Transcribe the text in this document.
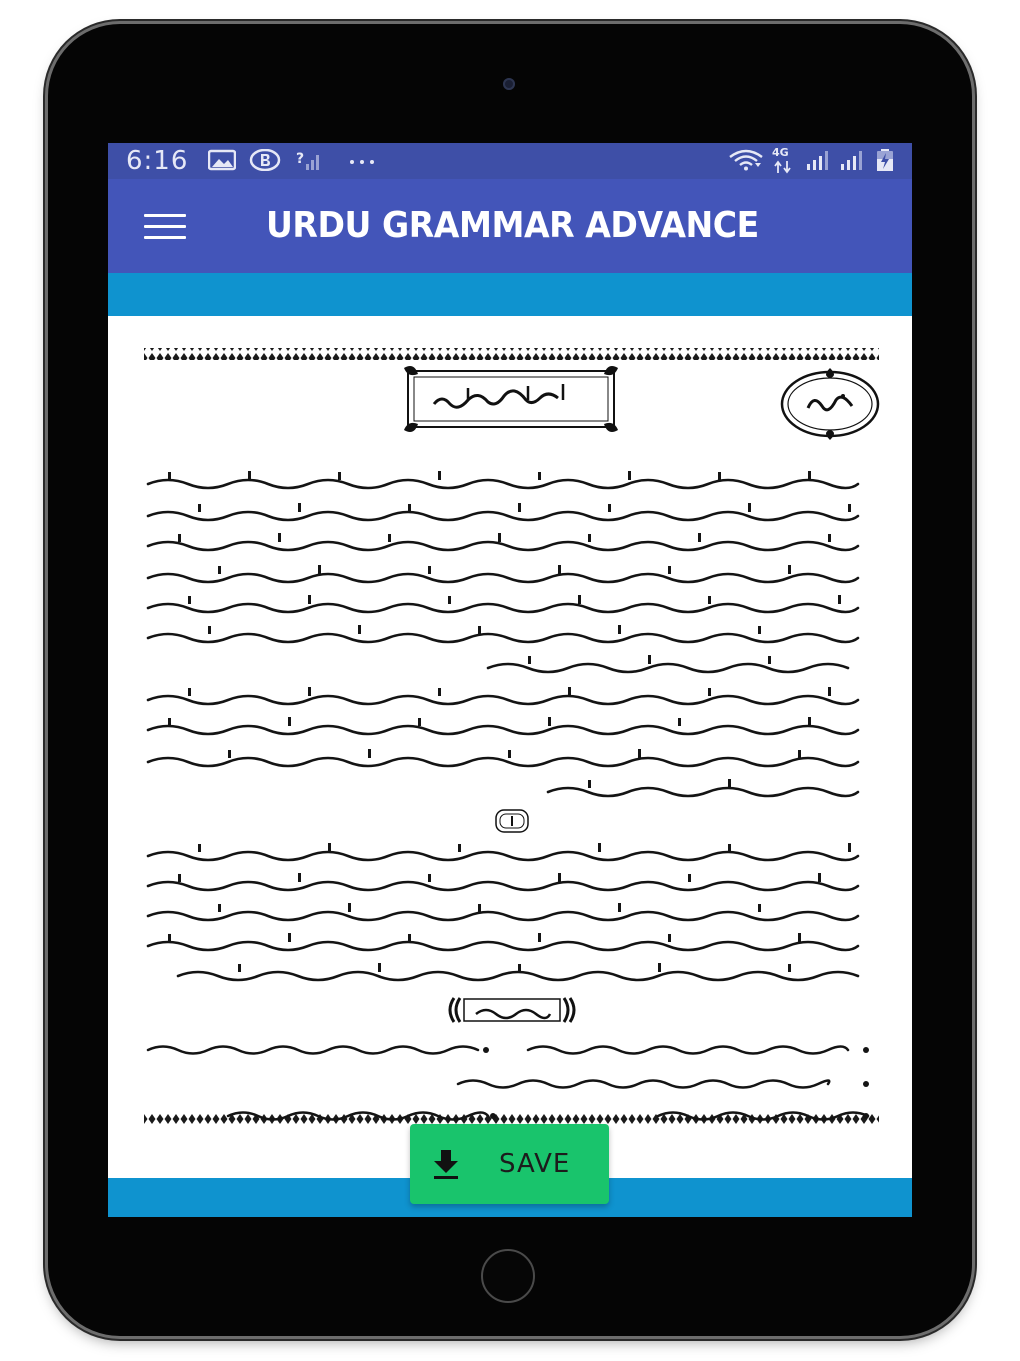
6:16	?	4G
URDU GRAMMAR ADVANCE
SAVE
